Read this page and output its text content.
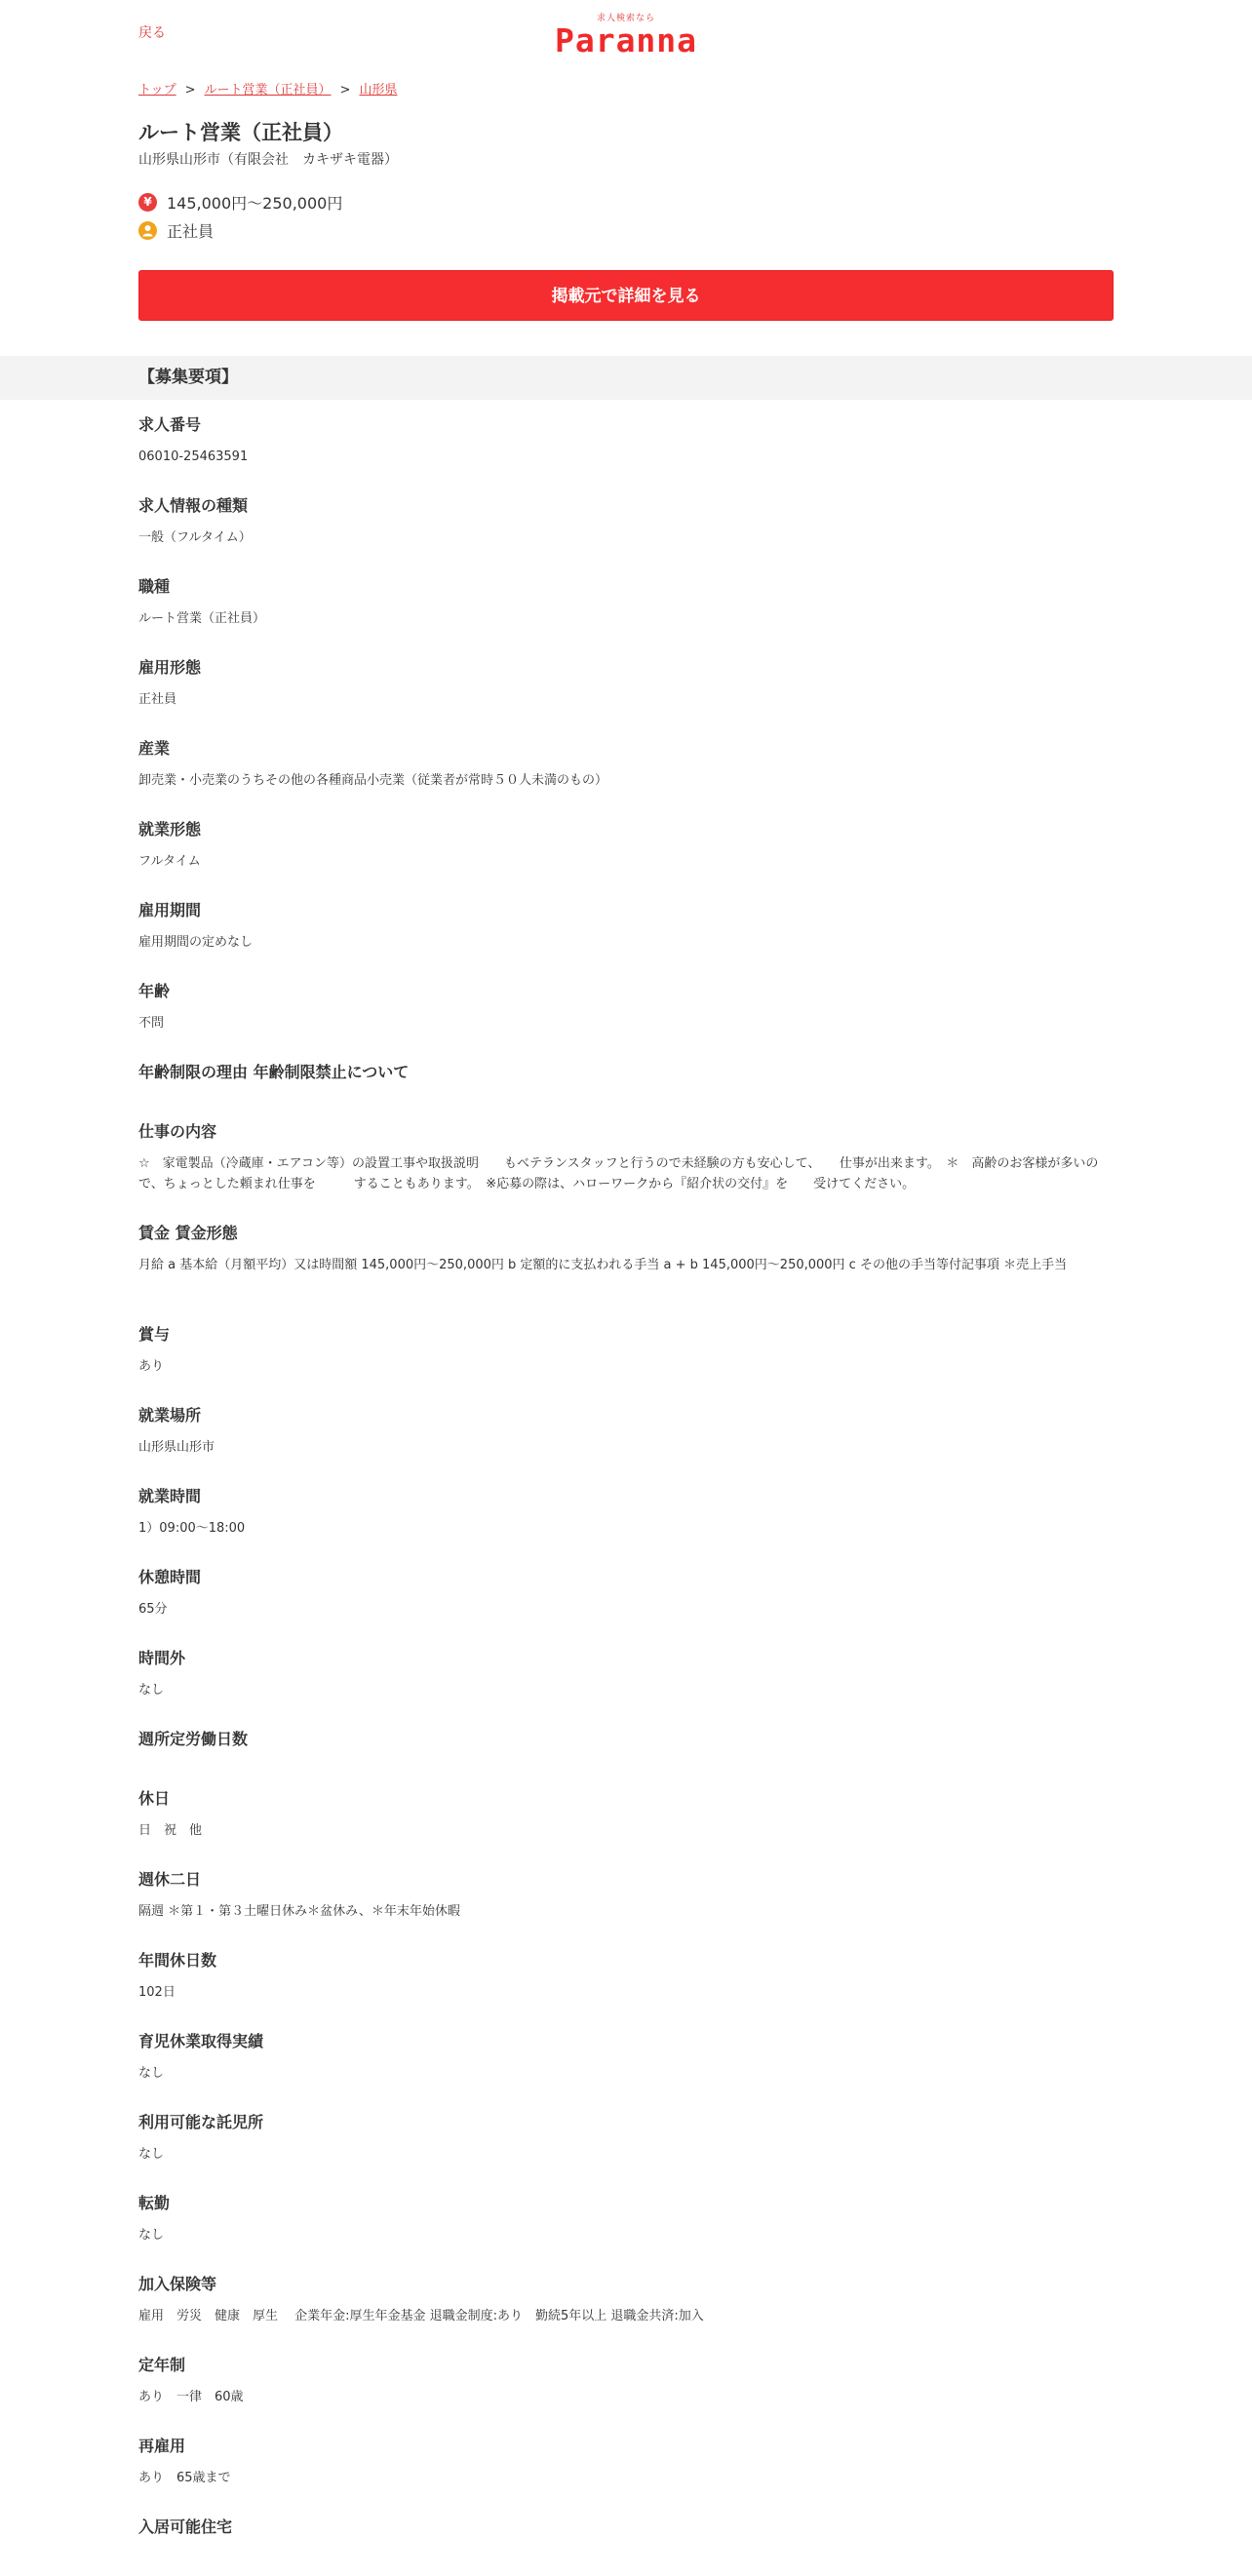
戻る
求人検索なら
Paranna
トップ > ルート営業（正社員） > 山形県
ルート営業（正社員）
山形県山形市（有限会社　カキザキ電器）
¥ 145,000円～250,000円
正社員
掲載元で詳細を見る
【募集要項】
求人番号
06010-25463591
求人情報の種類
一般（フルタイム）
職種
ルート営業（正社員）
雇用形態
正社員
産業
卸売業・小売業のうちその他の各種商品小売業（従業者が常時５０人未満のもの）
就業形態
フルタイム
雇用期間
雇用期間の定めなし
年齢
不問
年齢制限の理由 年齢制限禁止について
仕事の内容
☆　家電製品（冷蔵庫・エアコン等）の設置工事や取扱説明　　もベテランスタッフと行うので未経験の方も安心して、　　仕事が出来ます。　＊　高齢のお客様が多いので、ちょっとした頼まれ仕事を　　　することもあります。　※応募の際は、ハローワークから『紹介状の交付』を　　受けてください。
賃金 賃金形態
月給 a 基本給（月額平均）又は時間額 145,000円～250,000円 b 定額的に支払われる手当 a + b 145,000円～250,000円 c その他の手当等付記事項 ＊売上手当
賞与
あり
就業場所
山形県山形市
就業時間
1）09:00～18:00
休憩時間
65分
時間外
なし
週所定労働日数
休日
日　祝　他
週休二日
隔週 ＊第１・第３土曜日休み＊盆休み、＊年末年始休暇
年間休日数
102日
育児休業取得実績
なし
利用可能な託児所
なし
転勤
なし
加入保険等
雇用　労災　健康　厚生　 企業年金:厚生年金基金 退職金制度:あり　勤続5年以上 退職金共済:加入
定年制
あり　一律　60歳
再雇用
あり　65歳まで
入居可能住宅
